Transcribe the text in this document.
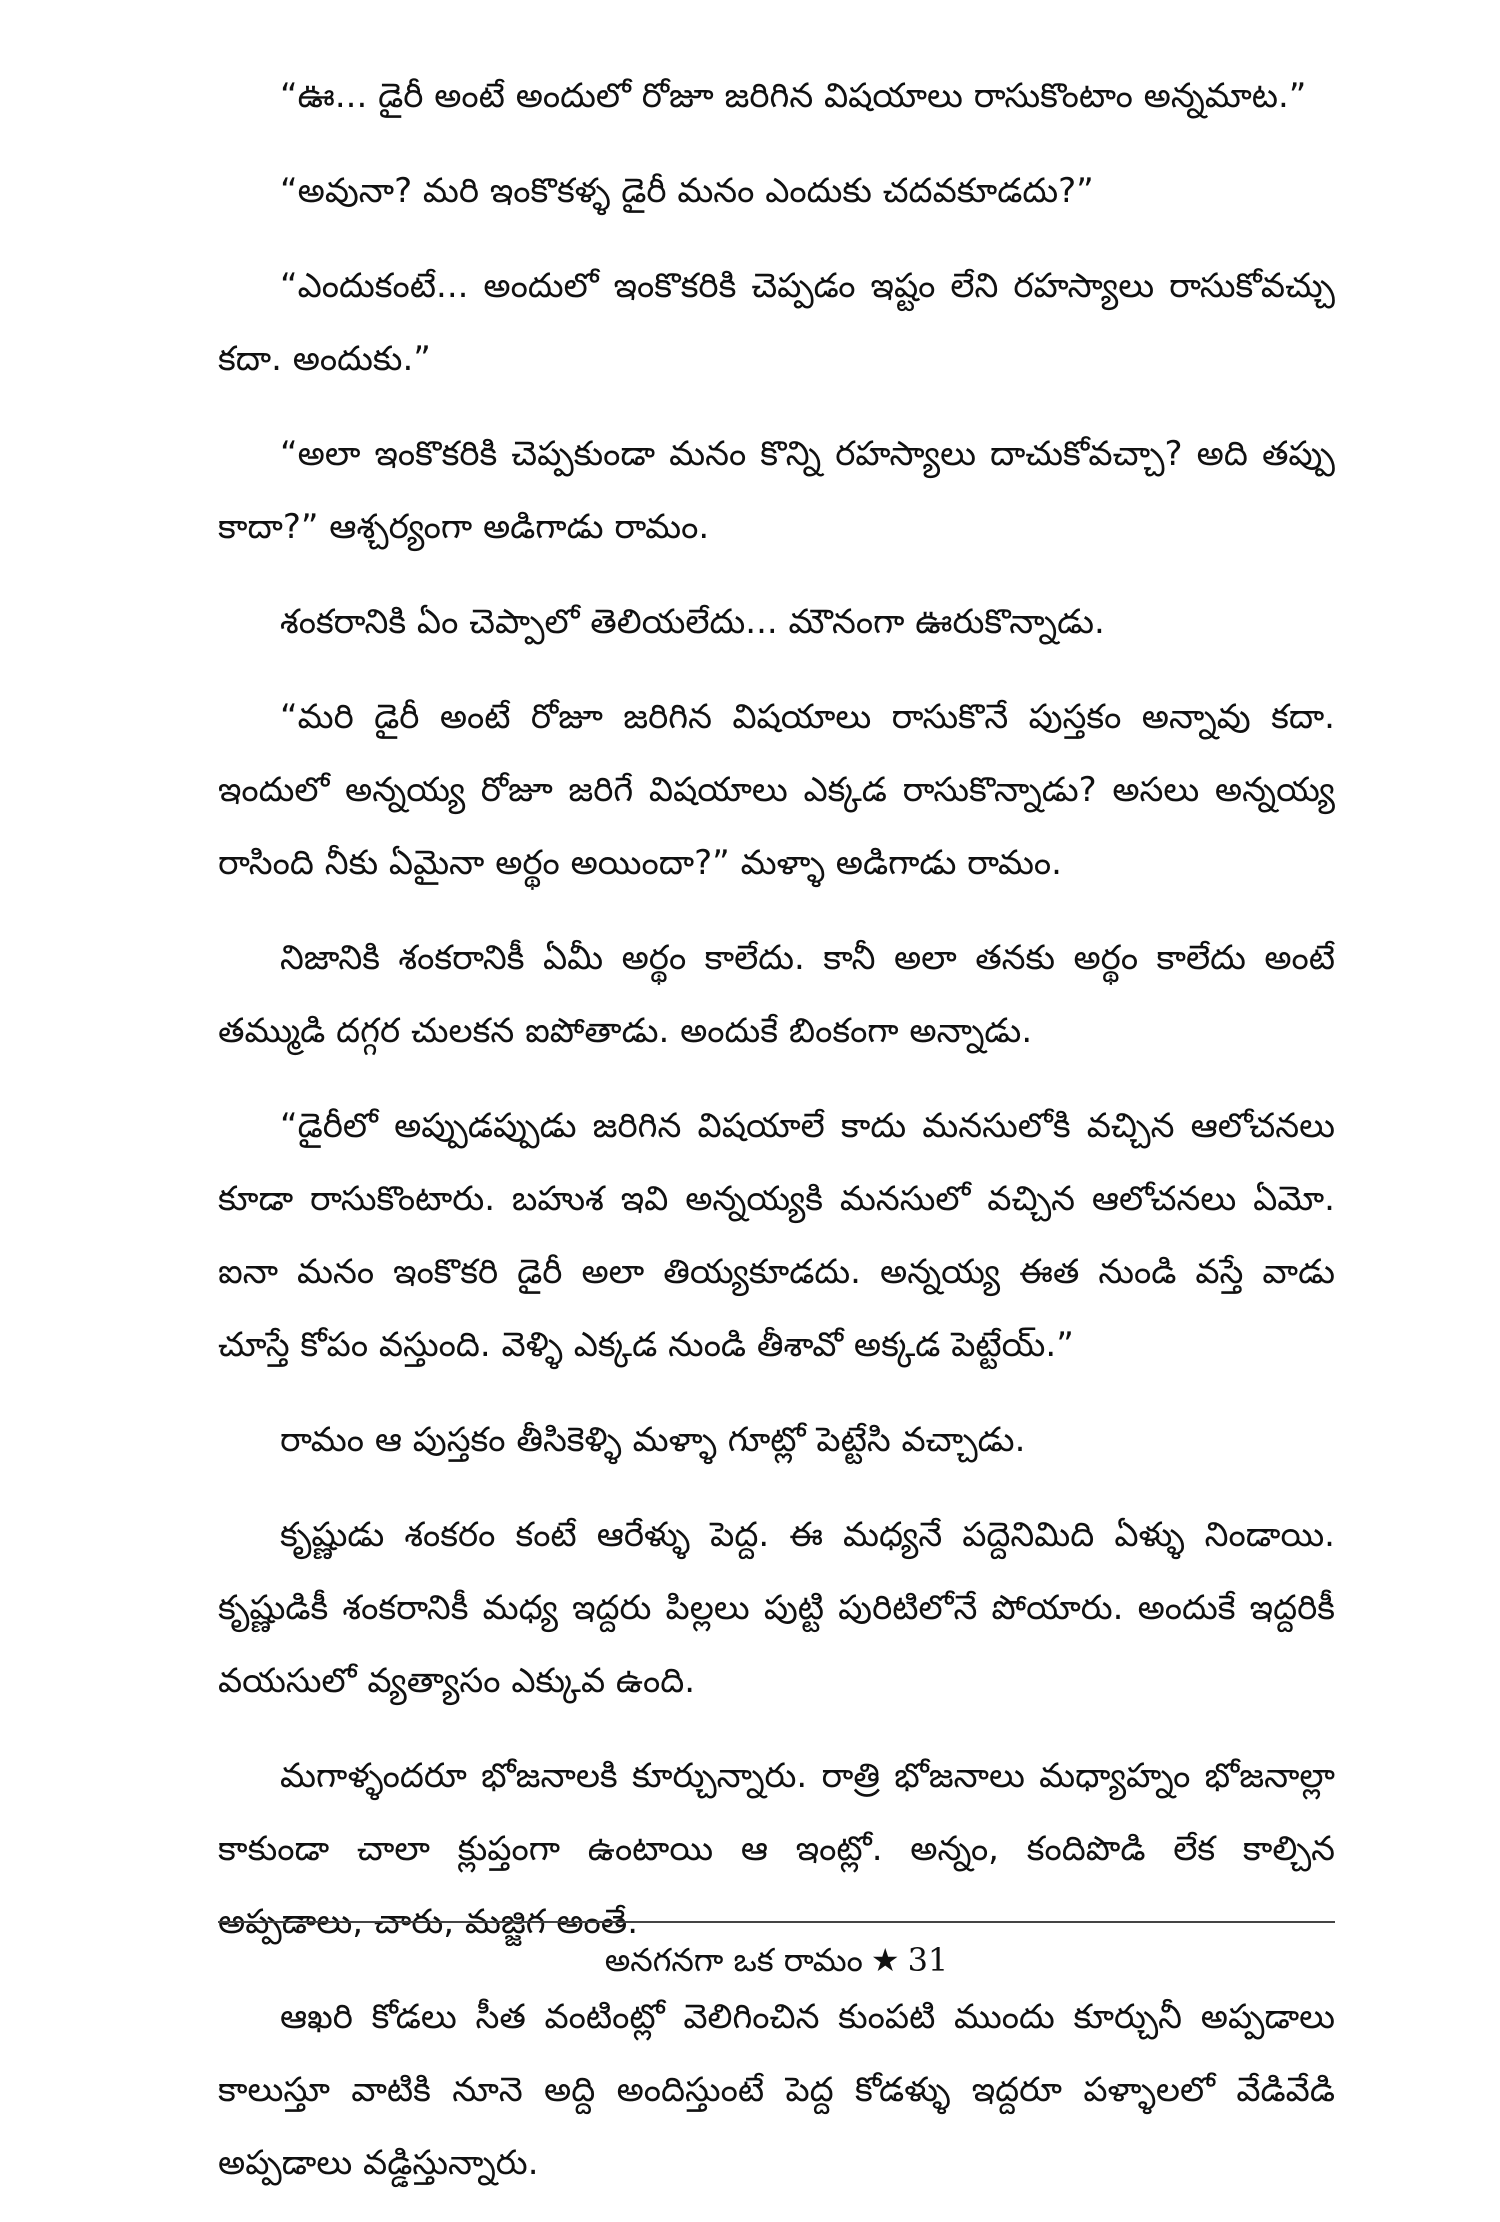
“ఊ... డైరీ అంటే అందులో రోజూ జరిగిన విషయాలు రాసుకొంటాం అన్నమాట.”

“అవునా? మరి ఇంకొకళ్ళ డైరీ మనం ఎందుకు చదవకూడదు?”

“ఎందుకంటే... అందులో ఇంకొకరికి చెప్పడం ఇష్టం లేని రహస్యాలు రాసుకోవచ్చు కదా. అందుకు.”

“అలా ఇంకొకరికి చెప్పకుండా మనం కొన్ని రహస్యాలు దాచుకోవచ్చా? అది తప్పు కాదా?” ఆశ్చర్యంగా అడిగాడు రామం.

శంకరానికి ఏం చెప్పాలో తెలియలేదు... మౌనంగా ఊరుకొన్నాడు.

“మరి డైరీ అంటే రోజూ జరిగిన విషయాలు రాసుకొనే పుస్తకం అన్నావు కదా. ఇందులో అన్నయ్య రోజూ జరిగే విషయాలు ఎక్కడ రాసుకొన్నాడు? అసలు అన్నయ్య రాసింది నీకు ఏమైనా అర్థం అయిందా?” మళ్ళా అడిగాడు రామం.

నిజానికి శంకరానికీ ఏమీ అర్థం కాలేదు. కానీ అలా తనకు అర్థం కాలేదు అంటే తమ్ముడి దగ్గర చులకన ఐపోతాడు. అందుకే బింకంగా అన్నాడు.

“డైరీలో అప్పుడప్పుడు జరిగిన విషయాలే కాదు మనసులోకి వచ్చిన ఆలోచనలు కూడా రాసుకొంటారు. బహుశ ఇవి అన్నయ్యకి మనసులో వచ్చిన ఆలోచనలు ఏమో. ఐనా మనం ఇంకొకరి డైరీ అలా తియ్యకూడదు. అన్నయ్య ఈత నుండి వస్తే వాడు చూస్తే కోపం వస్తుంది. వెళ్ళి ఎక్కడ నుండి తీశావో అక్కడ పెట్టేయ్.”

రామం ఆ పుస్తకం తీసికెళ్ళి మళ్ళా గూట్లో పెట్టేసి వచ్చాడు.

కృష్ణుడు శంకరం కంటే ఆరేళ్ళు పెద్ద. ఈ మధ్యనే పద్దెనిమిది ఏళ్ళు నిండాయి. కృష్ణుడికీ శంకరానికీ మధ్య ఇద్దరు పిల్లలు పుట్టి పురిటిలోనే పోయారు. అందుకే ఇద్దరికీ వయసులో వ్యత్యాసం ఎక్కువ ఉంది.

మగాళ్ళందరూ భోజనాలకి కూర్చున్నారు. రాత్రి భోజనాలు మధ్యాహ్నం భోజనాల్లా కాకుండా చాలా క్లుప్తంగా ఉంటాయి ఆ ఇంట్లో. అన్నం, కందిపొడి లేక కాల్చిన అప్పడాలు, చారు, మజ్జిగ అంతే.

ఆఖరి కోడలు సీత వంటింట్లో వెలిగించిన కుంపటి ముందు కూర్చునీ అప్పడాలు కాలుస్తూ వాటికి నూనె అద్ది అందిస్తుంటే పెద్ద కోడళ్ళు ఇద్దరూ పళ్ళాలలో వేడివేడి అప్పడాలు వడ్డిస్తున్నారు.

అనగనగా ఒక రామం ★ 31
